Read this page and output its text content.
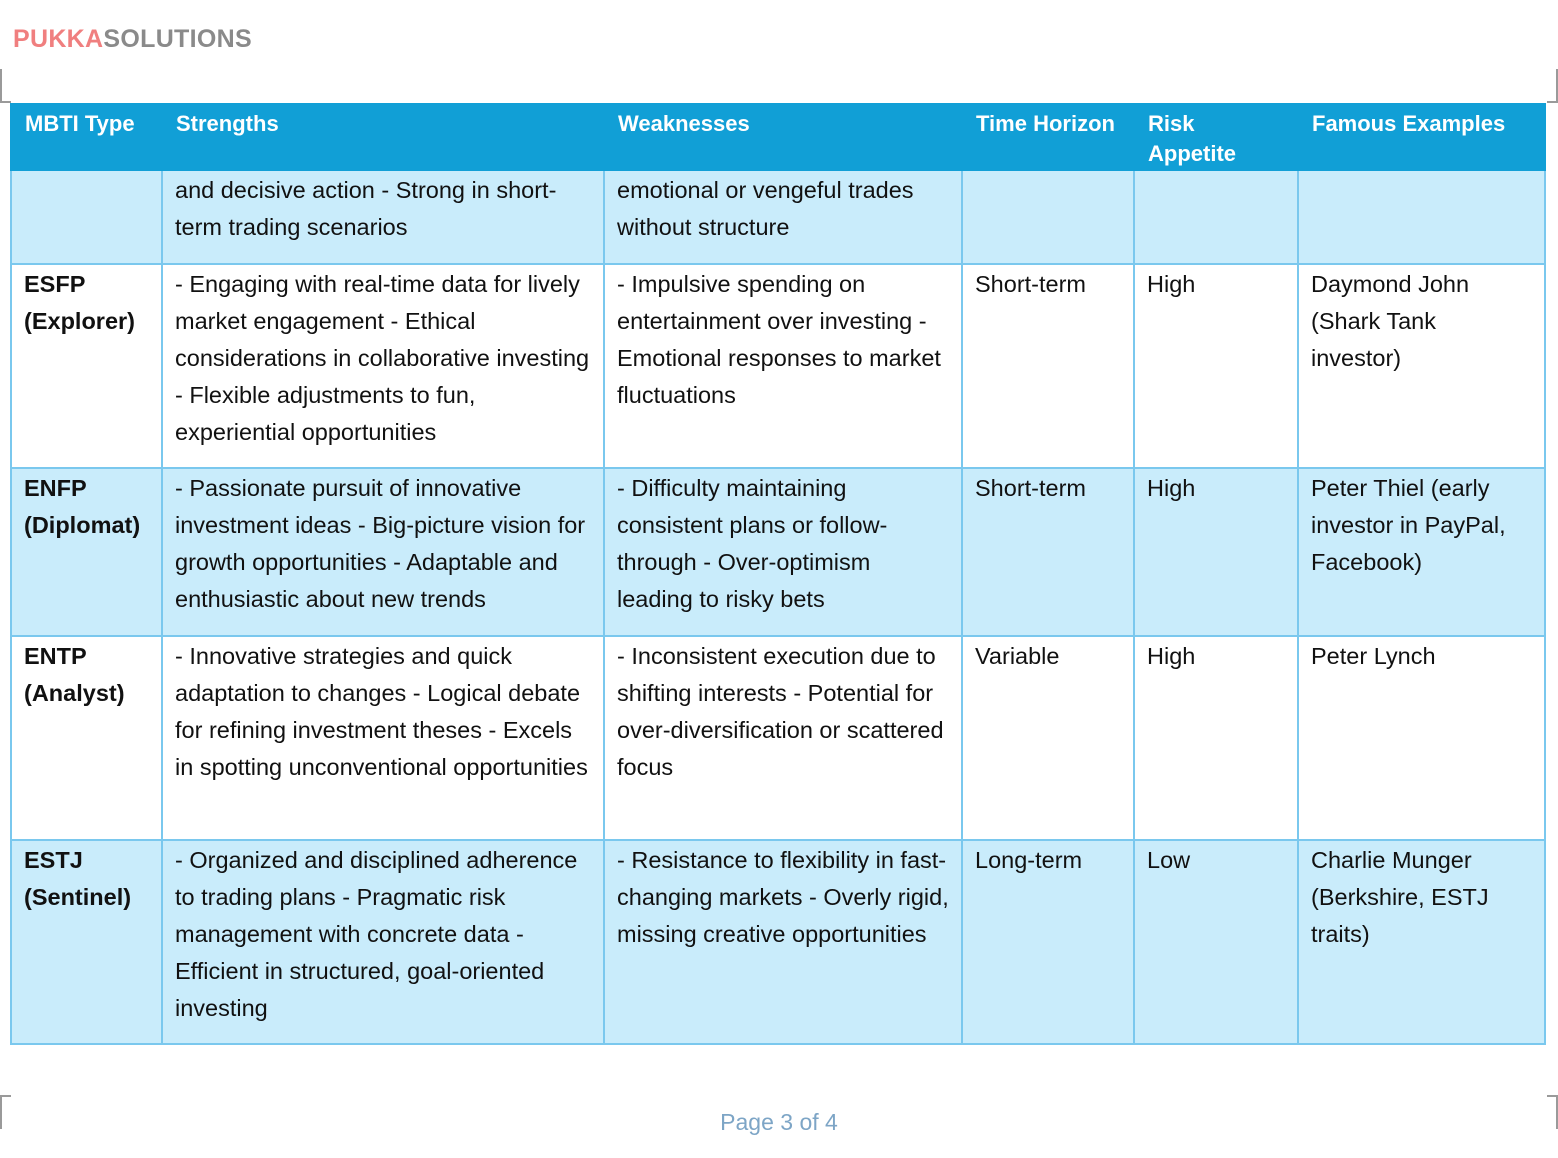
PUKKASOLUTIONS
MBTI Type	Strengths	Weaknesses	Time Horizon	Risk Appetite	Famous Examples

	and decisive action - Strong in short-term trading scenarios	emotional or vengeful trades without structure			

ESFP
(Explorer)	- Engaging with real-time data for lively market engagement - Ethical considerations in collaborative investing - Flexible adjustments to fun, experiential opportunities	- Impulsive spending on entertainment over investing - Emotional responses to market fluctuations	Short-term	High	Daymond John (Shark Tank investor)

ENFP
(Diplomat)	- Passionate pursuit of innovative investment ideas - Big-picture vision for growth opportunities - Adaptable and enthusiastic about new trends	- Difficulty maintaining consistent plans or follow-through - Over-optimism leading to risky bets	Short-term	High	Peter Thiel (early investor in PayPal, Facebook)

ENTP
(Analyst)	- Innovative strategies and quick adaptation to changes - Logical debate for refining investment theses - Excels in spotting unconventional opportunities	- Inconsistent execution due to shifting interests - Potential for over-diversification or scattered focus	Variable	High	Peter Lynch

ESTJ
(Sentinel)	- Organized and disciplined adherence to trading plans - Pragmatic risk management with concrete data - Efficient in structured, goal-oriented investing	- Resistance to flexibility in fast-changing markets - Overly rigid, missing creative opportunities	Long-term	Low	Charlie Munger (Berkshire, ESTJ traits)
Page 3 of 4
